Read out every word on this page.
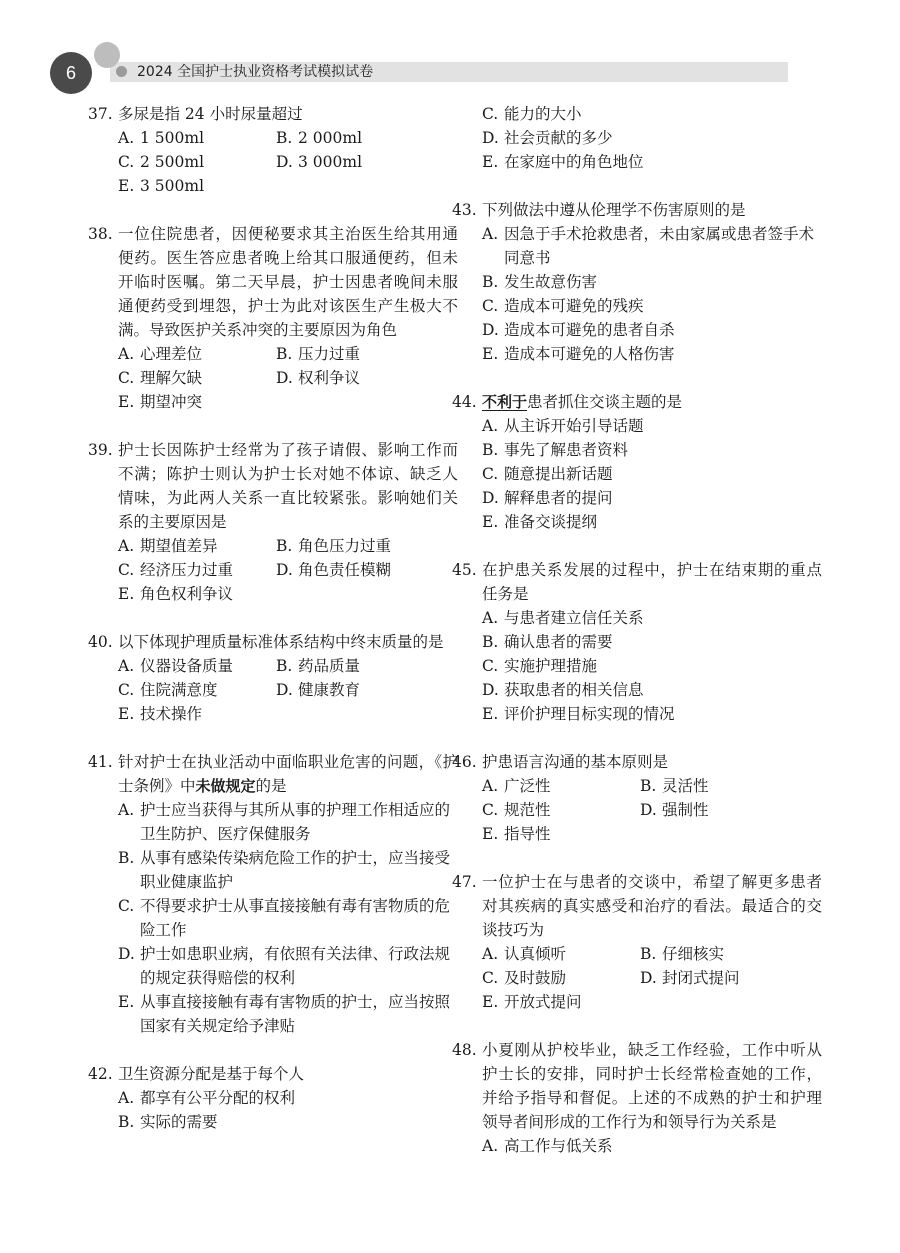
6	2024 全国护士执业资格考试模拟试卷
37. 多尿是指 24 小时尿量超过
A. 1 500ml	B. 2 000ml
C. 2 500ml	D. 3 000ml
E. 3 500ml
38. 一位住院患者，因便秘要求其主治医生给其用通便药。医生答应患者晚上给其口服通便药，但未开临时医嘱。第二天早晨，护士因患者晚间未服通便药受到埋怨，护士为此对该医生产生极大不满。导致医护关系冲突的主要原因为角色
A. 心理差位	B. 压力过重
C. 理解欠缺	D. 权利争议
E. 期望冲突
39. 护士长因陈护士经常为了孩子请假、影响工作而不满；陈护士则认为护士长对她不体谅、缺乏人情味，为此两人关系一直比较紧张。影响她们关系的主要原因是
A. 期望值差异	B. 角色压力过重
C. 经济压力过重	D. 角色责任模糊
E. 角色权利争议
40. 以下体现护理质量标准体系结构中终末质量的是
A. 仪器设备质量	B. 药品质量
C. 住院满意度	D. 健康教育
E. 技术操作
41. 针对护士在执业活动中面临职业危害的问题，《护士条例》中未做规定的是
A. 护士应当获得与其所从事的护理工作相适应的卫生防护、医疗保健服务
B. 从事有感染传染病危险工作的护士，应当接受职业健康监护
C. 不得要求护士从事直接接触有毒有害物质的危险工作
D. 护士如患职业病，有依照有关法律、行政法规的规定获得赔偿的权利
E. 从事直接接触有毒有害物质的护士，应当按照国家有关规定给予津贴
42. 卫生资源分配是基于每个人
A. 都享有公平分配的权利
B. 实际的需要
C. 能力的大小
D. 社会贡献的多少
E. 在家庭中的角色地位
43. 下列做法中遵从伦理学不伤害原则的是
A. 因急于手术抢救患者，未由家属或患者签手术同意书
B. 发生故意伤害
C. 造成本可避免的残疾
D. 造成本可避免的患者自杀
E. 造成本可避免的人格伤害
44. 不利于患者抓住交谈主题的是
A. 从主诉开始引导话题
B. 事先了解患者资料
C. 随意提出新话题
D. 解释患者的提问
E. 准备交谈提纲
45. 在护患关系发展的过程中，护士在结束期的重点任务是
A. 与患者建立信任关系
B. 确认患者的需要
C. 实施护理措施
D. 获取患者的相关信息
E. 评价护理目标实现的情况
46. 护患语言沟通的基本原则是
A. 广泛性	B. 灵活性
C. 规范性	D. 强制性
E. 指导性
47. 一位护士在与患者的交谈中，希望了解更多患者对其疾病的真实感受和治疗的看法。最适合的交谈技巧为
A. 认真倾听	B. 仔细核实
C. 及时鼓励	D. 封闭式提问
E. 开放式提问
48. 小夏刚从护校毕业，缺乏工作经验，工作中听从护士长的安排，同时护士长经常检查她的工作，并给予指导和督促。上述的不成熟的护士和护理领导者间形成的工作行为和领导行为关系是
A. 高工作与低关系
